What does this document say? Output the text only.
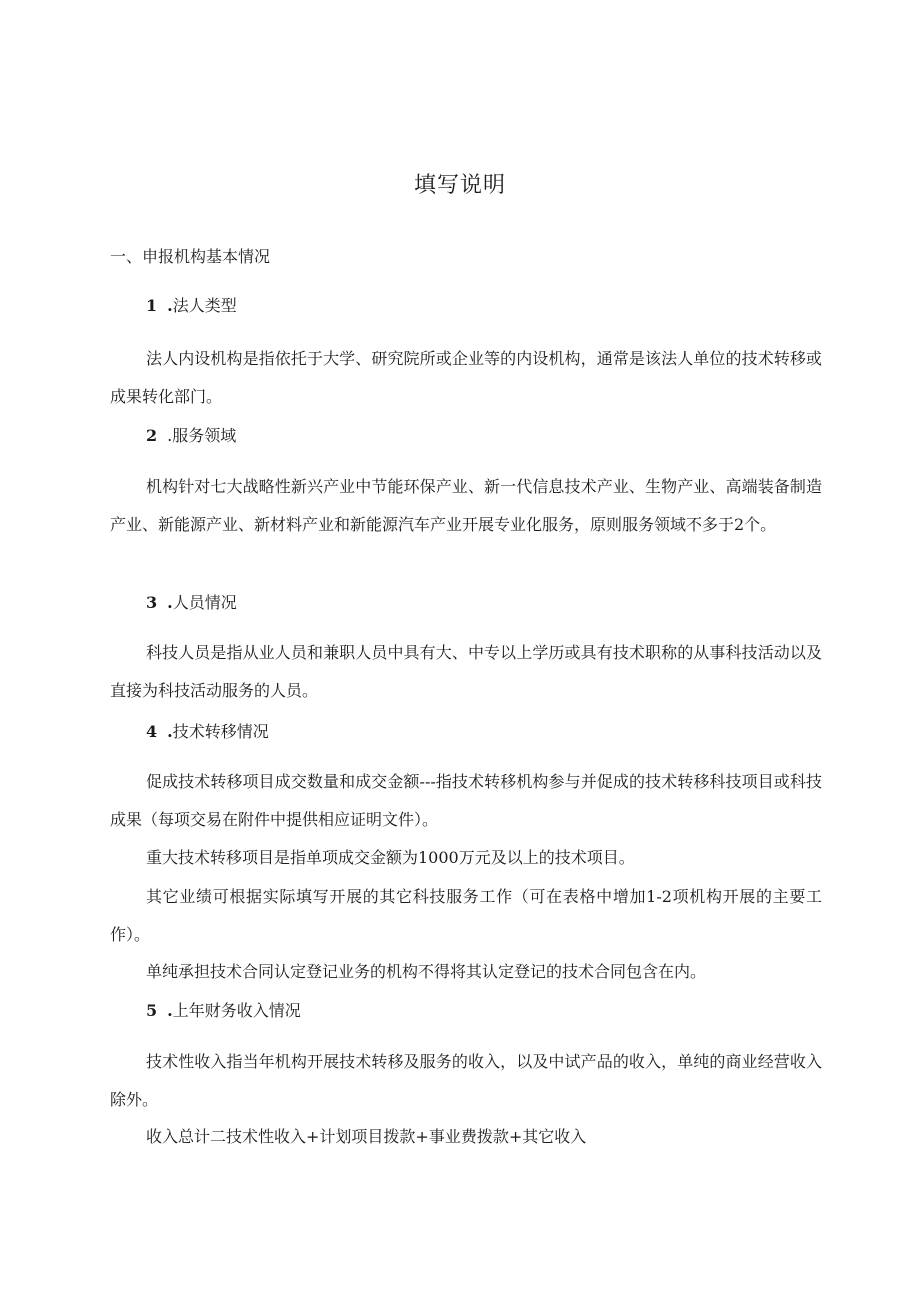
填写说明
一、申报机构基本情况
1 .法人类型
法人内设机构是指依托于大学、研究院所或企业等的内设机构，通常是该法人单位的技术转移或成果转化部门。
2 .服务领域
机构针对七大战略性新兴产业中节能环保产业、新一代信息技术产业、生物产业、高端装备制造产业、新能源产业、新材料产业和新能源汽车产业开展专业化服务，原则服务领域不多于2个。
3 .人员情况
科技人员是指从业人员和兼职人员中具有大、中专以上学历或具有技术职称的从事科技活动以及直接为科技活动服务的人员。
4 .技术转移情况
促成技术转移项目成交数量和成交金额---指技术转移机构参与并促成的技术转移科技项目或科技成果（每项交易在附件中提供相应证明文件）。
重大技术转移项目是指单项成交金额为1000万元及以上的技术项目。
其它业绩可根据实际填写开展的其它科技服务工作（可在表格中增加1-2项机构开展的主要工作）。
单纯承担技术合同认定登记业务的机构不得将其认定登记的技术合同包含在内。
5 .上年财务收入情况
技术性收入指当年机构开展技术转移及服务的收入，以及中试产品的收入，单纯的商业经营收入除外。
收入总计二技术性收入+计划项目拨款+事业费拨款+其它收入
